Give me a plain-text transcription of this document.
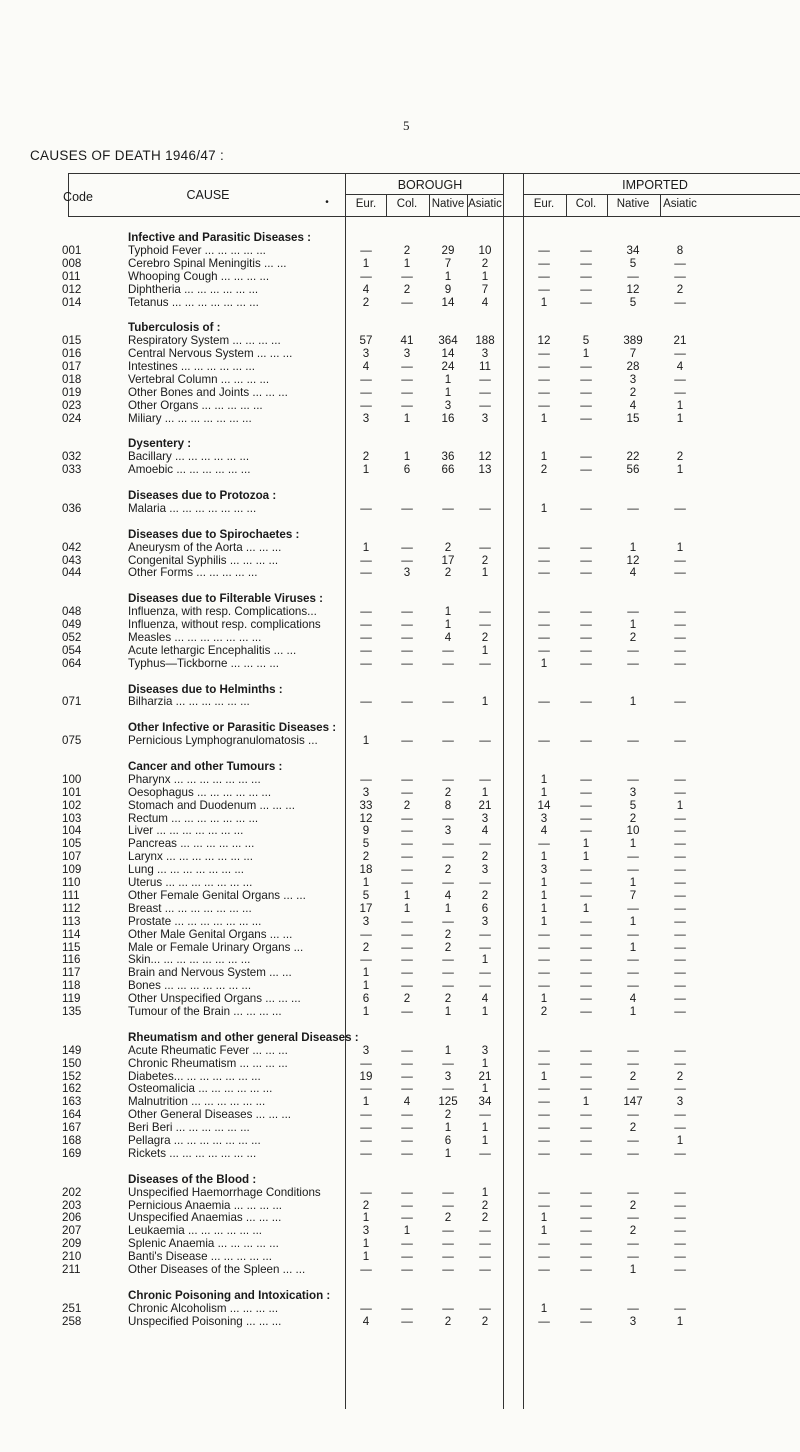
5
CAUSES OF DEATH 1946/47 :
Code	CAUSE
•
BOROUGH	IMPORTED
Eur.	Col.	Native Asiatic	Eur.	Col.	Native	Asiatic
Infective and Parasitic Diseases :
001	Typhoid Fever ... ... ... ... ...	—	2	29	10	—	—	34	8
008	Cerebro Spinal Meningitis ... ...	1	1	7	2	—	—	5	—
011	Whooping Cough ... ... ... ...	—	—	1	1	—	—	—	—
012	Diphtheria ... ... ... ... ... ...	4	2	9	7	—	—	12	2
014	Tetanus ... ... ... ... ... ... ...	2	—	14	4	1	—	5	—
Tuberculosis of :
015	Respiratory System ... ... ... ...	57	41	364	188	12	5	389	21
016	Central Nervous System ... ... ...	3	3	14	3	—	1	7	—
017	Intestines ... ... ... ... ... ...	4	—	24	11	—	—	28	4
018	Vertebral Column ... ... ... ...	—	—	1	—	—	—	3	—
019	Other Bones and Joints ... ... ...	—	—	1	—	—	—	2	—
023	Other Organs ... ... ... ... ...	—	—	3	—	—	—	4	1
024	Miliary ... ... ... ... ... ... ...	3	1	16	3	1	—	15	1
Dysentery :
032	Bacillary ... ... ... ... ... ...	2	1	36	12	1	—	22	2
033	Amoebic ... ... ... ... ... ...	1	6	66	13	2	—	56	1
Diseases due to Protozoa :
036	Malaria ... ... ... ... ... ... ...	—	—	—	—	1	—	—	—
Diseases due to Spirochaetes :
042	Aneurysm of the Aorta ... ... ...	1	—	2	—	—	—	1	1
043	Congenital Syphilis ... ... ... ...	—	—	17	2	—	—	12	—
044	Other Forms ... ... ... ... ...	—	3	2	1	—	—	4	—
Diseases due to Filterable Viruses :
048	Influenza, with resp. Complications...	—	—	1	—	—	—	—	—
049	Influenza, without resp. complications	—	—	1	—	—	—	1	—
052	Measles ... ... ... ... ... ... ...	—	—	4	2	—	—	2	—
054	Acute lethargic Encephalitis ... ...	—	—	—	1	—	—	—	—
064	Typhus—Tickborne ... ... ... ...	—	—	—	—	1	—	—	—
Diseases due to Helminths :
071	Bilharzia ... ... ... ... ... ...	—	—	—	1	—	—	1	—
Other Infective or Parasitic Diseases :
075	Pernicious Lymphogranulomatosis ...	1	—	—	—	—	—	—	—
Cancer and other Tumours :
100	Pharynx ... ... ... ... ... ... ...	—	—	—	—	1	—	—	—
101	Oesophagus ... ... ... ... ... ...	3	—	2	1	1	—	3	—
102	Stomach and Duodenum ... ... ...	33	2	8	21	14	—	5	1
103	Rectum ... ... ... ... ... ... ...	12	—	—	3	3	—	2	—
104	Liver ... ... ... ... ... ... ...	9	—	3	4	4	—	10	—
105	Pancreas ... ... ... ... ... ...	5	—	—	—	—	1	1	—
107	Larynx ... ... ... ... ... ... ...	2	—	—	2	1	1	—	—
109	Lung ... ... ... ... ... ... ...	18	—	2	3	3	—	—	—
110	Uterus ... ... ... ... ... ... ...	1	—	—	—	1	—	1	—
111	Other Female Genital Organs ... ...	5	1	4	2	1	—	7	—
112	Breast ... ... ... ... ... ... ...	17	1	1	6	1	1	—	—
113	Prostate ... ... ... ... ... ... ...	3	—	—	3	1	—	1	—
114	Other Male Genital Organs ... ...	—	—	2	—	—	—	—	—
115	Male or Female Urinary Organs ...	2	—	2	—	—	—	1	—
116	Skin... ... ... ... ... ... ... ...	—	—	—	1	—	—	—	—
117	Brain and Nervous System ... ...	1	—	—	—	—	—	—	—
118	Bones ... ... ... ... ... ... ...	1	—	—	—	—	—	—	—
119	Other Unspecified Organs ... ... ...	6	2	2	4	1	—	4	—
135	Tumour of the Brain ... ... ... ...	1	—	1	1	2	—	1	—
Rheumatism and other general Diseases :
149	Acute Rheumatic Fever ... ... ...	3	—	1	3	—	—	—	—
150	Chronic Rheumatism ... ... ... ...	—	—	—	1	—	—	—	—
152	Diabetes... ... ... ... ... ... ...	19	—	3	21	1	—	2	2
162	Osteomalicia ... ... ... ... ... ...	—	—	—	1	—	—	—	—
163	Malnutrition ... ... ... ... ... ...	1	4	125	34	—	1	147	3
164	Other General Diseases ... ... ...	—	—	2	—	—	—	—	—
167	Beri Beri ... ... ... ... ... ...	—	—	1	1	—	—	2	—
168	Pellagra ... ... ... ... ... ... ...	—	—	6	1	—	—	—	1
169	Rickets ... ... ... ... ... ... ...	—	—	1	—	—	—	—	—
Diseases of the Blood :
202	Unspecified Haemorrhage Conditions	—	—	—	1	—	—	—	—
203	Pernicious Anaemia ... ... ... ...	2	—	—	2	—	—	2	—
206	Unspecified Anaemias ... ... ...	1	—	2	2	1	—	—	—
207	Leukaemia ... ... ... ... ... ...	3	1	—	—	1	—	2	—
209	Splenic Anaemia ... ... ... ... ...	1	—	—	—	—	—	—	—
210	Banti's Disease ... ... ... ... ...	1	—	—	—	—	—	—	—
211	Other Diseases of the Spleen ... ...	—	—	—	—	—	—	1	—
Chronic Poisoning and Intoxication :
251	Chronic Alcoholism ... ... ... ...	—	—	—	—	1	—	—	—
258	Unspecified Poisoning ... ... ...	4	—	2	2	—	—	3	1
